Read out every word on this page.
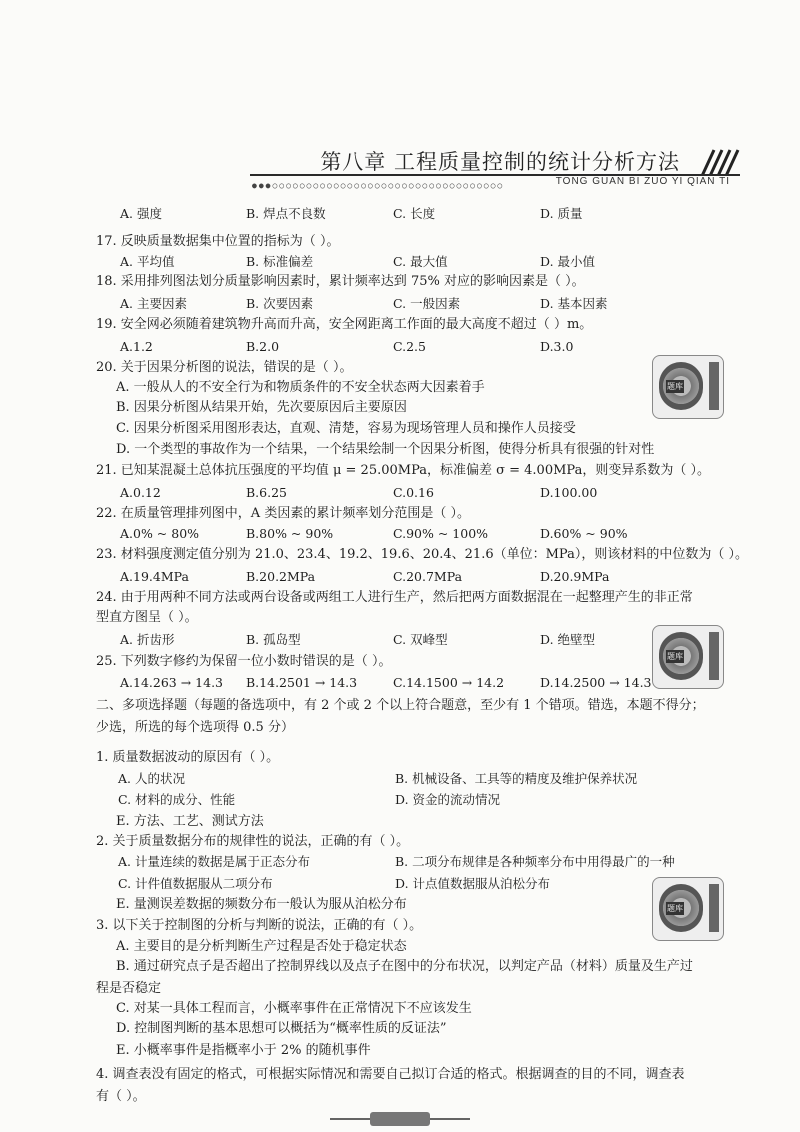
第八章 工程质量控制的统计分析方法
●●●○○○○○○○○○○○○○○○○○○○○○○○○○○○○○○○○○○	TONG GUAN BI ZUO YI QIAN TI
A. 强度	B. 焊点不良数	C. 长度	D. 质量
17. 反映质量数据集中位置的指标为（ ）。
A. 平均值	B. 标准偏差	C. 最大值	D. 最小值
18. 采用排列图法划分质量影响因素时，累计频率达到 75% 对应的影响因素是（ ）。
A. 主要因素	B. 次要因素	C. 一般因素	D. 基本因素
19. 安全网必须随着建筑物升高而升高，安全网距离工作面的最大高度不超过（ ）m。
A.1.2	B.2.0	C.2.5	D.3.0
20. 关于因果分析图的说法，错误的是（ ）。
A. 一般从人的不安全行为和物质条件的不安全状态两大因素着手
B. 因果分析图从结果开始，先次要原因后主要原因
C. 因果分析图采用图形表达，直观、清楚，容易为现场管理人员和操作人员接受
D. 一个类型的事故作为一个结果，一个结果绘制一个因果分析图，使得分析具有很强的针对性
21. 已知某混凝土总体抗压强度的平均值 μ = 25.00MPa，标准偏差 σ = 4.00MPa，则变异系数为（ ）。
A.0.12	B.6.25	C.0.16	D.100.00
22. 在质量管理排列图中，A 类因素的累计频率划分范围是（ ）。
A.0% ~ 80%	B.80% ~ 90%	C.90% ~ 100%	D.60% ~ 90%
23. 材料强度测定值分别为 21.0、23.4、19.2、19.6、20.4、21.6（单位：MPa），则该材料的中位数为（ ）。
A.19.4MPa	B.20.2MPa	C.20.7MPa	D.20.9MPa
24. 由于用两种不同方法或两台设备或两组工人进行生产，然后把两方面数据混在一起整理产生的非正常
型直方图呈（ ）。
A. 折齿形	B. 孤岛型	C. 双峰型	D. 绝壁型
25. 下列数字修约为保留一位小数时错误的是（ ）。
A.14.263 → 14.3 B.14.2501 → 14.3	C.14.1500 → 14.2	D.14.2500 → 14.3
二、多项选择题（每题的备选项中，有 2 个或 2 个以上符合题意，至少有 1 个错项。错选，本题不得分；
少选，所选的每个选项得 0.5 分）
1. 质量数据波动的原因有（ ）。
A. 人的状况	B. 机械设备、工具等的精度及维护保养状况
C. 材料的成分、性能	D. 资金的流动情况
E. 方法、工艺、测试方法
2. 关于质量数据分布的规律性的说法，正确的有（ ）。
A. 计量连续的数据是属于正态分布	B. 二项分布规律是各种频率分布中用得最广的一种
C. 计件值数据服从二项分布	D. 计点值数据服从泊松分布
E. 量测误差数据的频数分布一般认为服从泊松分布
3. 以下关于控制图的分析与判断的说法，正确的有（ ）。
A. 主要目的是分析判断生产过程是否处于稳定状态
B. 通过研究点子是否超出了控制界线以及点子在图中的分布状况，以判定产品（材料）质量及生产过
程是否稳定
C. 对某一具体工程而言，小概率事件在正常情况下不应该发生
D. 控制图判断的基本思想可以概括为“概率性质的反证法”
E. 小概率事件是指概率小于 2% 的随机事件
4. 调查表没有固定的格式，可根据实际情况和需要自己拟订合适的格式。根据调查的目的不同，调查表
有（ ）。
题库
题库
题库
